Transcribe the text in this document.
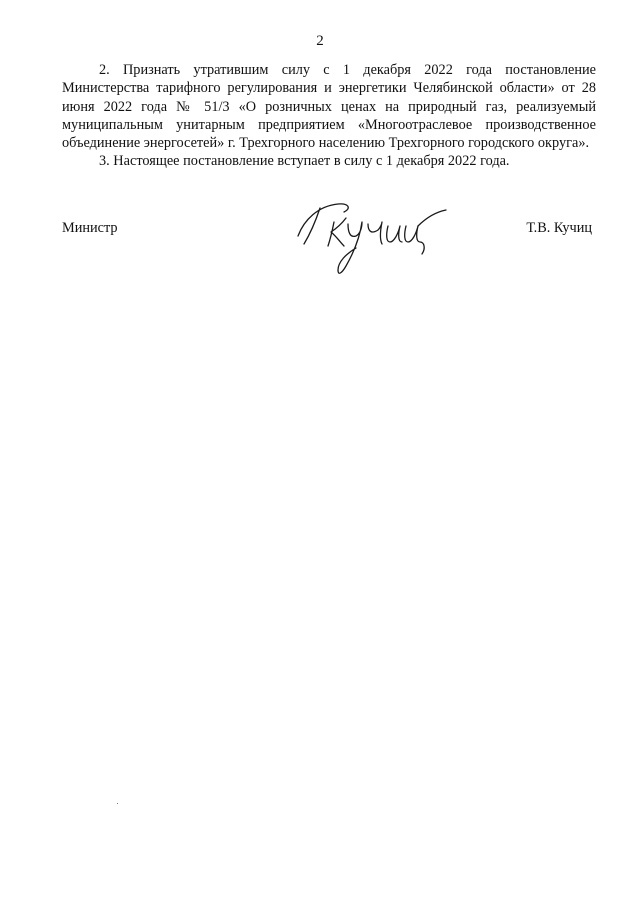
2

2. Признать утратившим силу с 1 декабря 2022 года постановление Министерства тарифного регулирования и энергетики Челябинской области» от 28 июня 2022 года № 51/3 «О розничных ценах на природный газ, реализуемый муниципальным унитарным предприятием «Многоотраслевое производственное объединение энергосетей» г. Трехгорного населению Трехгорного городского округа».

3. Настоящее постановление вступает в силу с 1 декабря 2022 года.

Министр	Т.В. Кучиц
